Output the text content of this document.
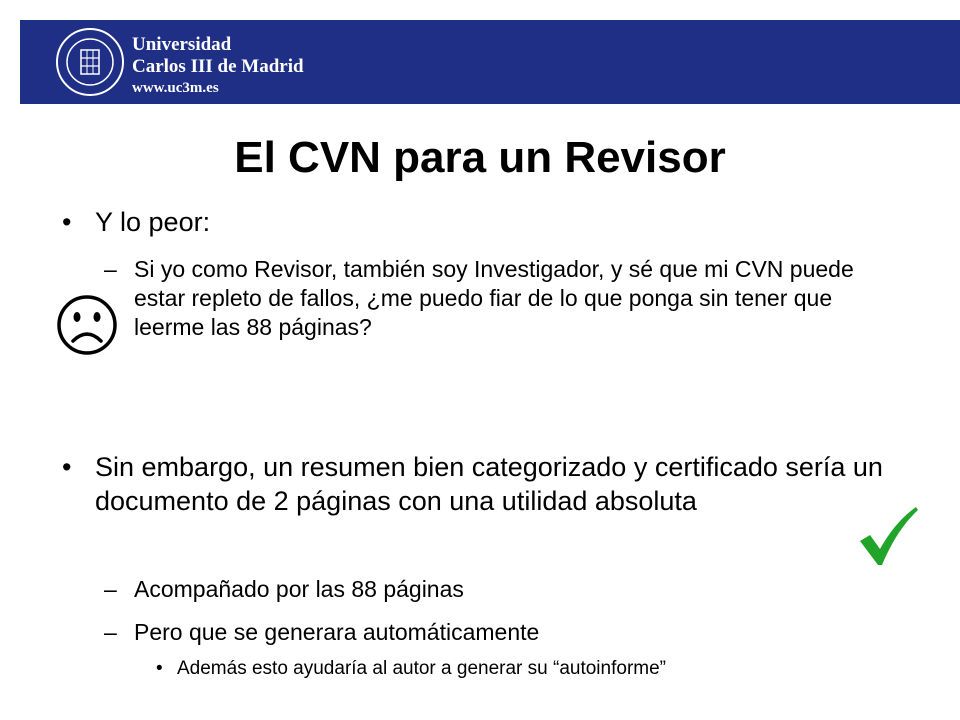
Universidad
Carlos III de Madrid
www.uc3m.es
El CVN para un Revisor
• Y lo peor:
– Si yo como Revisor, también soy Investigador, y sé que mi CVN puede estar repleto de fallos, ¿me puedo fiar de lo que ponga sin tener que leerme las 88 páginas?
• Sin embargo, un resumen bien categorizado y certificado sería un documento de 2 páginas con una utilidad absoluta
– Acompañado por las 88 páginas
– Pero que se generara automáticamente
• Además esto ayudaría al autor a generar su “autoinforme”
